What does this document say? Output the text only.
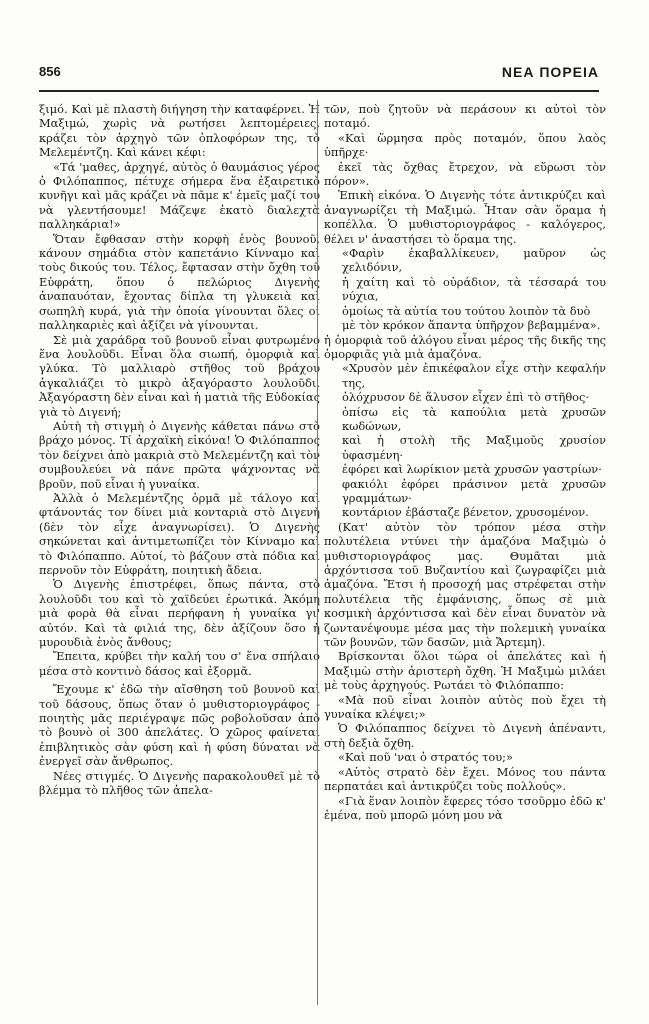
856	ΝΕΑ ΠΟΡΕΙΑ

ξιμό. Καὶ μὲ πλαστὴ διήγηση τὴν καταφέρνει. Ἡ Μαξιμώ, χωρὶς νὰ ρωτήσει λεπτομέρειες, κράζει τὸν ἀρχηγὸ τῶν ὁπλοφόρων της, τὸ Μελεμέντζη. Καὶ κάνει κέφι:

«Τά 'μαθες, ἀρχηγέ, αὐτὸς ὁ θαυμάσιος γέρος ὁ Φιλόπαππος, πέτυχε σήμερα ἕνα ἐξαιρετικὸ κυνῆγι καὶ μᾶς κράζει νὰ πᾶμε κ' ἐμεῖς μαζί του νὰ γλεντήσουμε! Μάζεψε ἑκατὸ διαλεχτὰ παλληκάρια!»

Ὅταν ἔφθασαν στὴν κορφὴ ἑνὸς βουνοῦ, κάνουν σημάδια στὸν καπετάνιο Κίνναμο καὶ τοὺς δικούς του. Τέλος, ἔφτασαν στὴν ὄχθη τοῦ Εὐφράτη, ὅπου ὁ πελώριος Διγενὴς ἀναπαυόταν, ἔχοντας δίπλα τη γλυκειὰ καὶ σωπηλὴ κυρά, γιὰ τὴν ὁποία γίνουνται ὅλες οἱ παλληκαριὲς καὶ ἀξίζει νὰ γίνουνται.

Σὲ μιὰ χαράδρα τοῦ βουνοῦ εἶναι φυτρωμένο ἕνα λουλοῦδι. Εἶναι ὅλα σιωπή, ὁμορφιὰ καὶ γλύκα. Τὸ μαλλιαρὸ στῆθος τοῦ βράχου ἀγκαλιάζει τὸ μικρὸ ἀξαγόραστο λουλοῦδι. Ἀξαγόραστη δὲν εἶναι καὶ ἡ ματιὰ τῆς Εὐδοκίας γιὰ τὸ Διγενή;

Αὐτὴ τὴ στιγμὴ ὁ Διγενὴς κάθεται πάνω στὸ βράχο μόνος. Τί ἀρχαϊκὴ εἰκόνα! Ὁ Φιλόπαππος τὸν δείχνει ἀπὸ μακριὰ στὸ Μελεμέντζη καὶ τὸν συμβουλεύει νὰ πάνε πρῶτα ψάχνοντας νὰ βροῦν, ποῦ εἶναι ἡ γυναίκα.

Ἀλλὰ ὁ Μελεμέντζης ὁρμᾶ μὲ τάλογο καὶ φτάνοντάς τον δίνει μιὰ κονταριὰ στὸ Διγενὴ (δὲν τὸν εἶχε ἀναγνωρίσει). Ὁ Διγενὴς σηκώνεται καὶ ἀντιμετωπίζει τὸν Κίνναμο καὶ τὸ Φιλόπαππο. Αὐτοί, τὸ βάζουν στὰ πόδια καὶ περνοῦν τὸν Εὐφράτη, ποιητικὴ ἄδεια.

Ὁ Διγενὴς ἐπιστρέφει, ὅπως πάντα, στὸ λουλοῦδι του καὶ τὸ χαϊδεύει ἐρωτικά. Ἀκόμη μιὰ φορὰ θὰ εἶναι περήφανη ἡ γυναίκα γι' αὐτόν. Καὶ τὰ φιλιά της, δὲν ἀξίζουν ὅσο ἡ μυρουδιὰ ἑνὸς ἄνθους;

Ἔπειτα, κρύβει τὴν καλή του σ' ἕνα σπήλαιο μέσα στὸ κοντινὸ δάσος καὶ ἐξορμᾶ.

Ἔχουμε κ' ἐδῶ τὴν αἴσθηση τοῦ βουνοῦ καὶ τοῦ δάσους, ὅπως ὅταν ὁ μυθιστοριογράφος - ποιητὴς μᾶς περιέγραψε πῶς ροβολοῦσαν ἀπὸ τὸ βουνὸ οἱ 300 ἀπελάτες. Ὁ χῶρος φαίνεται ἐπιβλητικὸς σὰν φύση καὶ ἡ φύση δύναται νὰ ἐνεργεῖ σὰν ἄνθρωπος.

Νέες στιγμές. Ὁ Διγενὴς παρακολουθεῖ μὲ τὸ βλέμμα τὸ πλῆθος τῶν ἀπελα-

τῶν, ποὺ ζητοῦν νὰ περάσουν κι αὐτοὶ τὸν ποταμό.

«Καὶ ὥρμησα πρὸς ποταμόν, ὅπου λαὸς ὑπῆρχε·

ἐκεῖ τὰς ὄχθας ἔτρεχον, νὰ εὕρωσι τὸν πόρον».

Ἐπικὴ εἰκόνα. Ὁ Διγενὴς τότε ἀντικρύζει καὶ ἀναγνωρίζει τὴ Μαξιμώ. Ἦταν σὰν ὅραμα ἡ κοπέλλα. Ὁ μυθιστοριογράφος - καλόγερος, θέλει ν' ἀναστήσει τὸ ὅραμα της.

«Φαρὶν ἐκαβαλλίκευεν, μαῦρον ὡς χελιδόνιν,

ἡ χαίτη καὶ τὸ οὐράδιον, τὰ τέσσαρά του νύχια,

ὁμοίως τὰ αὐτία του τούτου λοιπὸν τὰ δυὸ

μὲ τὸν κρόκον ἅπαντα ὑπῆρχον βεβαμμένα».

ἡ ὁμορφιὰ τοῦ ἀλόγου εἶναι μέρος τῆς δικῆς της ὁμορφιᾶς γιὰ μιὰ ἀμαζόνα.

«Χρυσὸν μὲν ἐπικέφαλον εἶχε στὴν κεφαλήν της,

ὁλόχρυσον δὲ ἅλυσον εἶχεν ἐπὶ τὸ στῆθος·

ὀπίσω εἰς τὰ καπούλια μετὰ χρυσῶν κωδώνων,

καὶ ἡ στολὴ τῆς Μαξιμοῦς χρυσίον ὑφασμένη·

ἐφόρει καὶ λωρίκιον μετὰ χρυσῶν γαστρίων·

φακιόλι ἐφόρει πράσινον μετὰ χρυσῶν γραμμάτων·

κοντάριον ἐβάσταζε βένετον, χρυσομένον.

(Κατ' αὐτὸν τὸν τρόπον μέσα στὴν πολυτέλεια ντύνει τὴν ἀμαζόνα Μαξιμὼ ὁ μυθιστοριογράφος μας. Θυμᾶται μιὰ ἀρχόντισσα τοῦ Βυζαντίου καὶ ζωγραφίζει μιὰ ἀμαζόνα. Ἔτσι ἡ προσοχή μας στρέφεται στὴν πολυτέλεια τῆς ἐμφάνισης, ὅπως σὲ μιὰ κοσμικὴ ἀρχόντισσα καὶ δὲν εἶναι δυνατὸν νὰ ζωντανέψουμε μέσα μας τὴν πολεμικὴ γυναίκα τῶν βουνῶν, τῶν δασῶν, μιὰ Ἄρτεμη).

Βρίσκονται ὅλοι τώρα οἱ ἀπελάτες καὶ ἡ Μαξιμὼ στὴν ἀριστερὴ ὄχθη. Ἡ Μαξιμὼ μιλάει μὲ τοὺς ἀρχηγούς. Ρωτάει τὸ Φιλόπαππο:

«Μὰ ποῦ εἶναι λοιπὸν αὐτὸς ποὺ ἔχει τὴ γυναίκα κλέψει;»

Ὁ Φιλόπαππος δείχνει τὸ Διγενὴ ἀπέναντι, στὴ δεξιὰ ὄχθη.

«Καὶ ποῦ 'ναι ὁ στρατός του;»

«Αὐτὸς στρατὸ δὲν ἔχει. Μόνος του πάντα περπατάει καὶ ἀντικρύζει τοὺς πολλούς».

«Γιὰ ἕναν λοιπὸν ἔφερες τόσο τσοῦρμο ἐδῶ κ' ἐμένα, ποὺ μπορῶ μόνη μου νὰ
